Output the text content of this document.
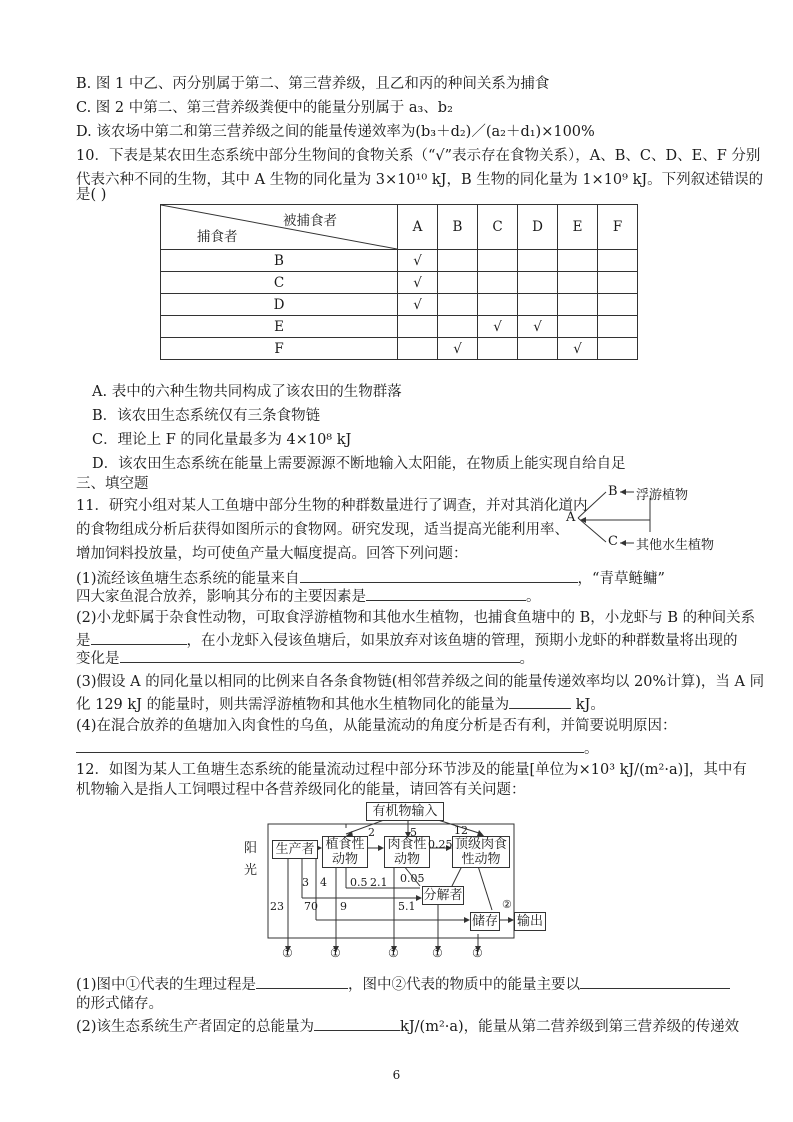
B. 图 1 中乙、丙分别属于第二、第三营养级，且乙和丙的种间关系为捕食
C. 图 2 中第二、第三营养级粪便中的能量分别属于 a₃、b₂
D. 该农场中第二和第三营养级之间的能量传递效率为(b₃＋d₂)／(a₂＋d₁)×100%
10．下表是某农田生态系统中部分生物间的食物关系（“√”表示存在食物关系），A、B、C、D、E、F 分别
代表六种不同的生物，其中 A 生物的同化量为 3×10¹⁰ kJ，B 生物的同化量为 1×10⁹ kJ。下列叙述错误的
是( )
被捕食者
捕食者	A	B	C	D	E	F
B	√					
C	√					
D	√					
E			√	√		
F		√			√	
A. 表中的六种生物共同构成了该农田的生物群落
B．该农田生态系统仅有三条食物链
C．理论上 F 的同化量最多为 4×10⁸ kJ
D．该农田生态系统在能量上需要源源不断地输入太阳能，在物质上能实现自给自足
三、填空题
11．研究小组对某人工鱼塘中部分生物的种群数量进行了调查，并对其消化道内
的食物组成分析后获得如图所示的食物网。研究发现，适当提高光能利用率、
增加饲料投放量，均可使鱼产量大幅度提高。回答下列问题：
A
B
C
浮游植物
其他水生植物
(1)流经该鱼塘生态系统的能量来自	，“青草鲢鳙”
四大家鱼混合放养，影响其分布的主要因素是	。
(2)小龙虾属于杂食性动物，可取食浮游植物和其他水生植物，也捕食鱼塘中的 B，小龙虾与 B 的种间关系
是	，在小龙虾入侵该鱼塘后，如果放弃对该鱼塘的管理，预期小龙虾的种群数量将出现的
变化是	。
(3)假设 A 的同化量以相同的比例来自各条食物链(相邻营养级之间的能量传递效率均以 20%计算)，当 A 同
化 129 kJ 的能量时，则共需浮游植物和其他水生植物同化的能量为	kJ。
(4)在混合放养的鱼塘加入肉食性的乌鱼，从能量流动的角度分析是否有利，并简要说明原因：
。
12．如图为某人工鱼塘生态系统的能量流动过程中部分环节涉及的能量[单位为×10³ kJ/(m²·a)]，其中有
机物输入是指人工饲喂过程中各营养级同化的能量，请回答有关问题：
有机物输入
生产者 植食性动物
肉食性动物
顶级肉食性动物
分解者
储存 输出
阳光
2	5	12
0.25
3 4 0.5 2.1 0.05
23 70 9	5.1	②
①	①	①	① ①
(1)图中①代表的生理过程是	，图中②代表的物质中的能量主要以
的形式储存。
(2)该生态系统生产者固定的总能量为	kJ/(m²·a)，能量从第二营养级到第三营养级的传递效
6
